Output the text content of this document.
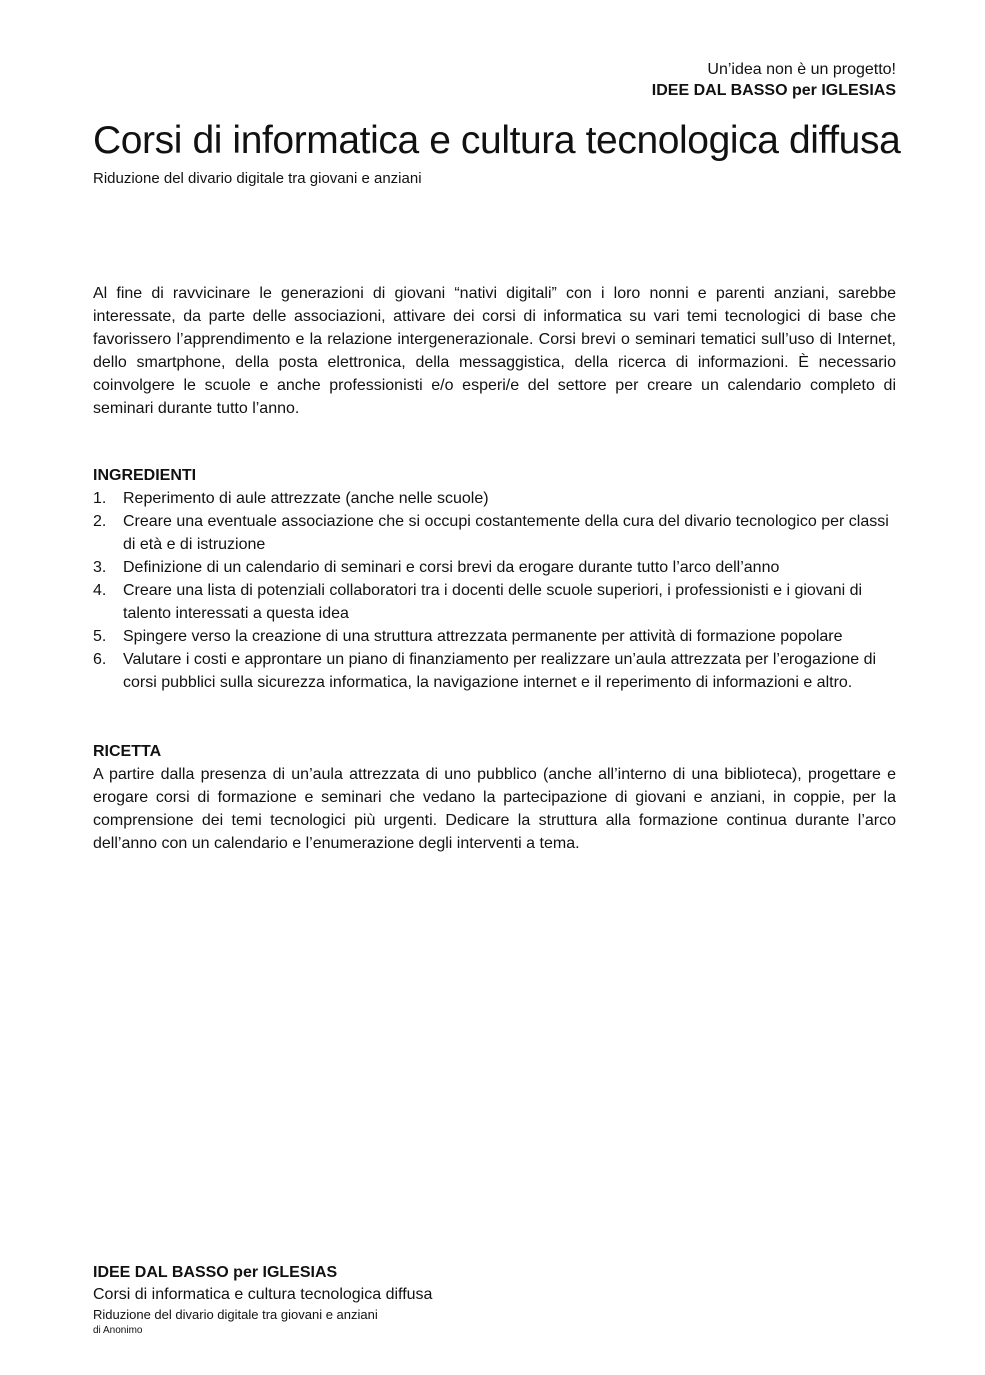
Un’idea non è un progetto!
IDEE DAL BASSO per IGLESIAS
Corsi di informatica e cultura tecnologica diffusa
Riduzione del divario digitale tra giovani e anziani

Al fine di ravvicinare le generazioni di giovani “nativi digitali” con i loro nonni e parenti anziani, sarebbe interessate, da parte delle associazioni, attivare dei corsi di informatica su vari temi tecnologici di base che favorissero l’apprendimento e la relazione intergenerazionale. Corsi brevi o seminari tematici sull’uso di Internet, dello smartphone, della posta elettronica, della messaggistica, della ricerca di informazioni. È necessario coinvolgere le scuole e anche professionisti e/o esperi/e del settore per creare un calendario completo di seminari durante tutto l’anno.

INGREDIENTI
1.	Reperimento di aule attrezzate (anche nelle scuole)
2.	Creare una eventuale associazione che si occupi costantemente della cura del divario tecnologico per classi di età e di istruzione
3.	Definizione di un calendario di seminari e corsi brevi da erogare durante tutto l’arco dell’anno
4.	Creare una lista di potenziali collaboratori tra i docenti delle scuole superiori, i professionisti e i giovani di talento interessati a questa idea
5.	Spingere verso la creazione di una struttura attrezzata permanente per attività di formazione popolare
6.	Valutare i costi e approntare un piano di finanziamento per realizzare un’aula attrezzata per l’erogazione di corsi pubblici sulla sicurezza informatica, la navigazione internet e il reperimento di informazioni e altro.
RICETTA

A partire dalla presenza di un’aula attrezzata di uno pubblico (anche all’interno di una biblioteca), progettare e erogare corsi di formazione e seminari che vedano la partecipazione di giovani e anziani, in coppie, per la comprensione dei temi tecnologici più urgenti. Dedicare la struttura alla formazione continua durante l’arco dell’anno con un calendario e l’enumerazione degli interventi a tema.

IDEE DAL BASSO per IGLESIAS
Corsi di informatica e cultura tecnologica diffusa
Riduzione del divario digitale tra giovani e anziani
di Anonimo
